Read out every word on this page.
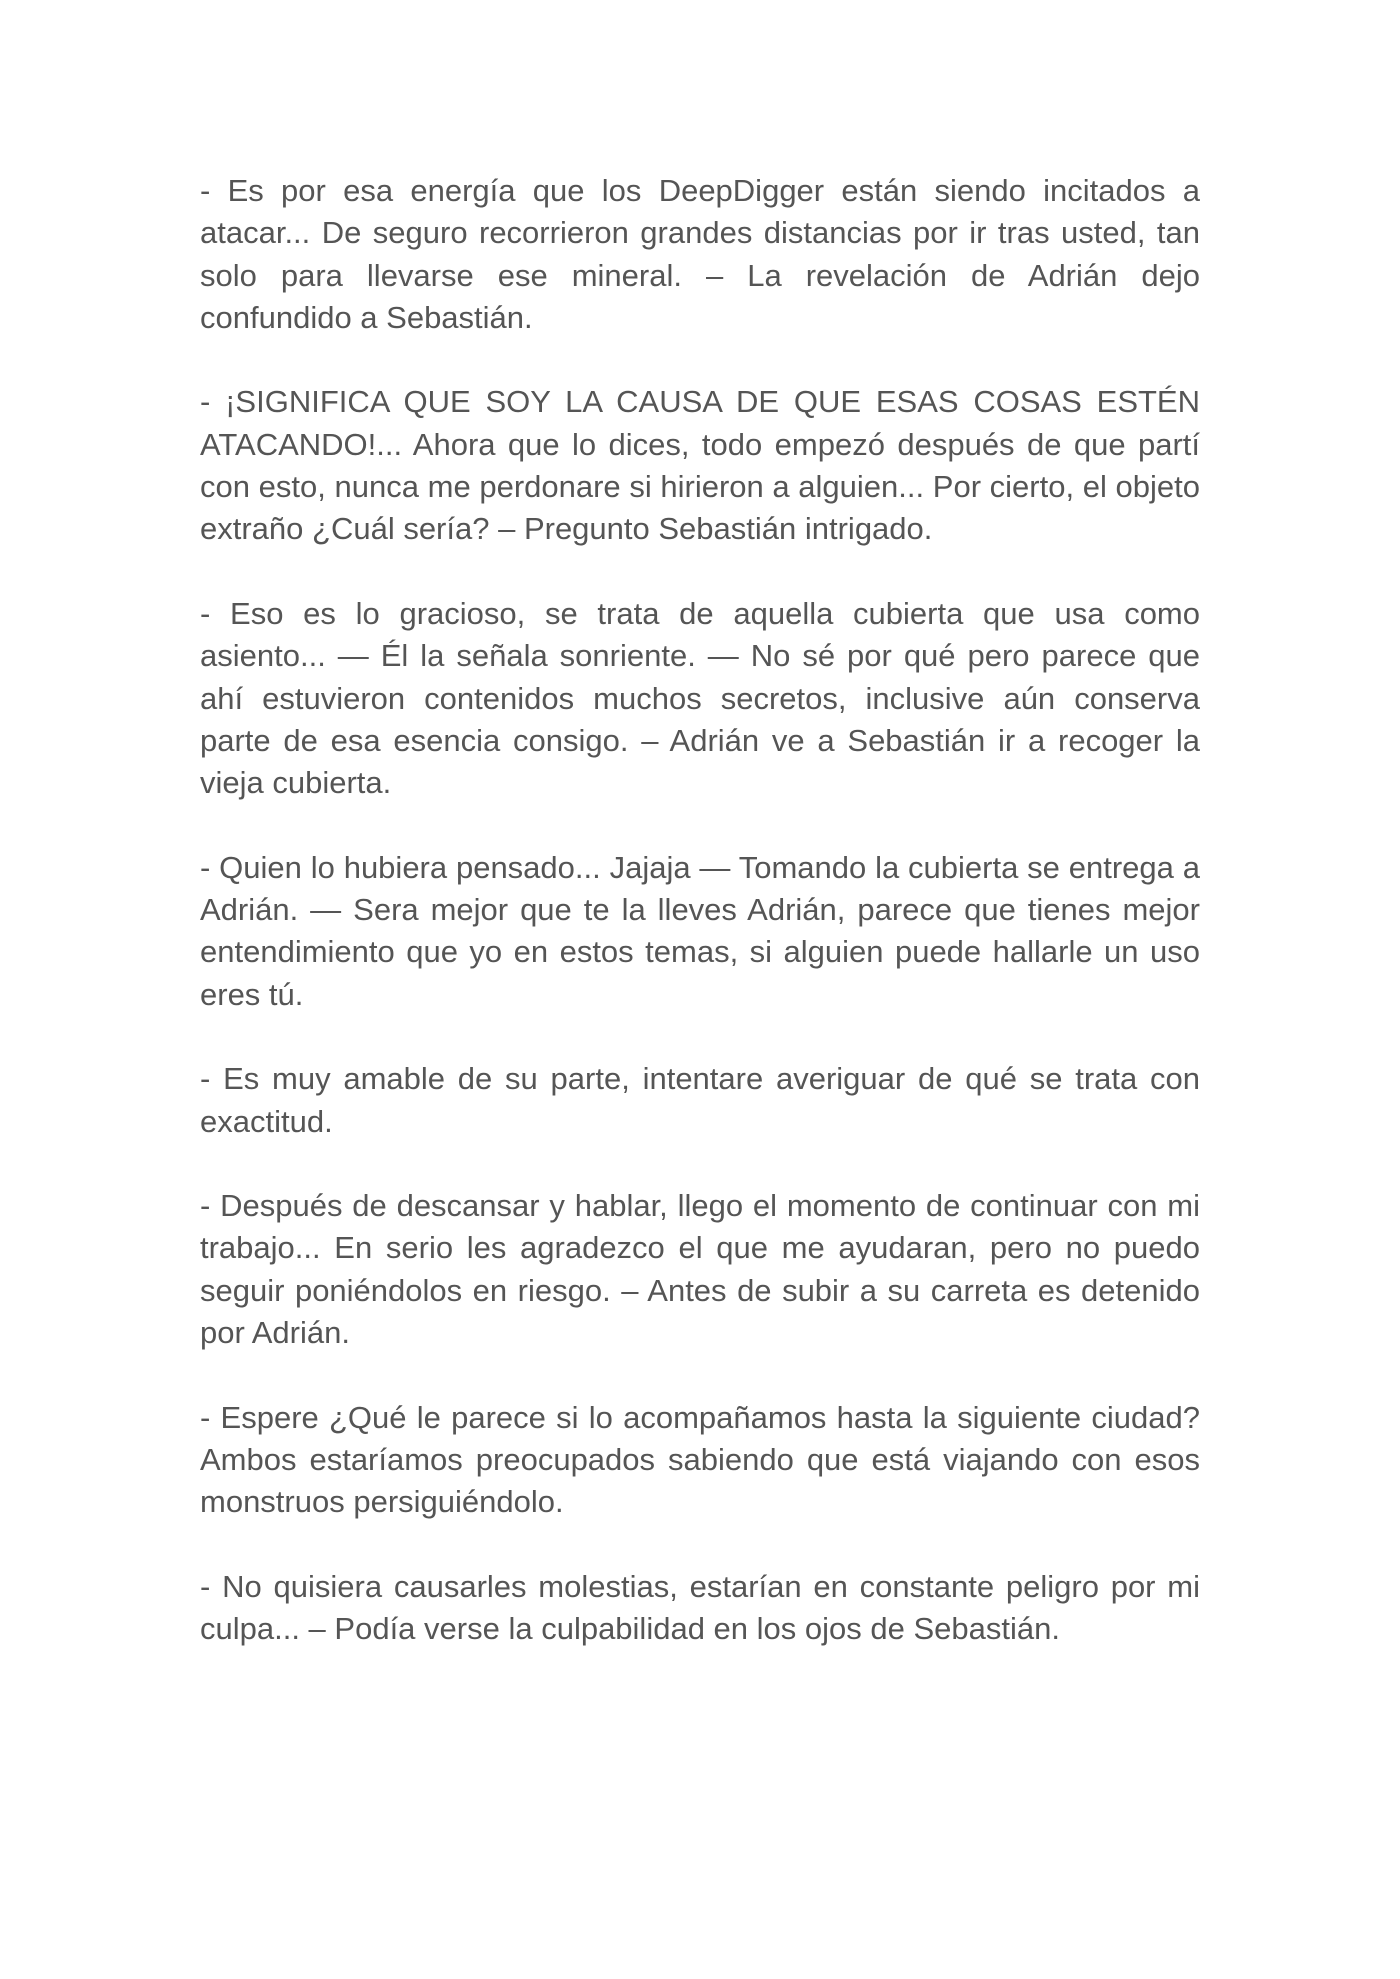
- Es por esa energía que los DeepDigger están siendo incitados a atacar... De seguro recorrieron grandes distancias por ir tras usted, tan solo para llevarse ese mineral. – La revelación de Adrián dejo confundido a Sebastián.

- ¡SIGNIFICA QUE SOY LA CAUSA DE QUE ESAS COSAS ESTÉN ATACANDO!... Ahora que lo dices, todo empezó después de que partí con esto, nunca me perdonare si hirieron a alguien... Por cierto, el objeto extraño ¿Cuál sería? – Pregunto Sebastián intrigado.

- Eso es lo gracioso, se trata de aquella cubierta que usa como asiento... — Él la señala sonriente. — No sé por qué pero parece que ahí estuvieron contenidos muchos secretos, inclusive aún conserva parte de esa esencia consigo. – Adrián ve a Sebastián ir a recoger la vieja cubierta.

- Quien lo hubiera pensado... Jajaja — Tomando la cubierta se entrega a Adrián. — Sera mejor que te la lleves Adrián, parece que tienes mejor entendimiento que yo en estos temas, si alguien puede hallarle un uso eres tú.

- Es muy amable de su parte, intentare averiguar de qué se trata con exactitud.

- Después de descansar y hablar, llego el momento de continuar con mi trabajo... En serio les agradezco el que me ayudaran, pero no puedo seguir poniéndolos en riesgo. – Antes de subir a su carreta es detenido por Adrián.

- Espere ¿Qué le parece si lo acompañamos hasta la siguiente ciudad? Ambos estaríamos preocupados sabiendo que está viajando con esos monstruos persiguiéndolo.

- No quisiera causarles molestias, estarían en constante peligro por mi culpa... – Podía verse la culpabilidad en los ojos de Sebastián.
